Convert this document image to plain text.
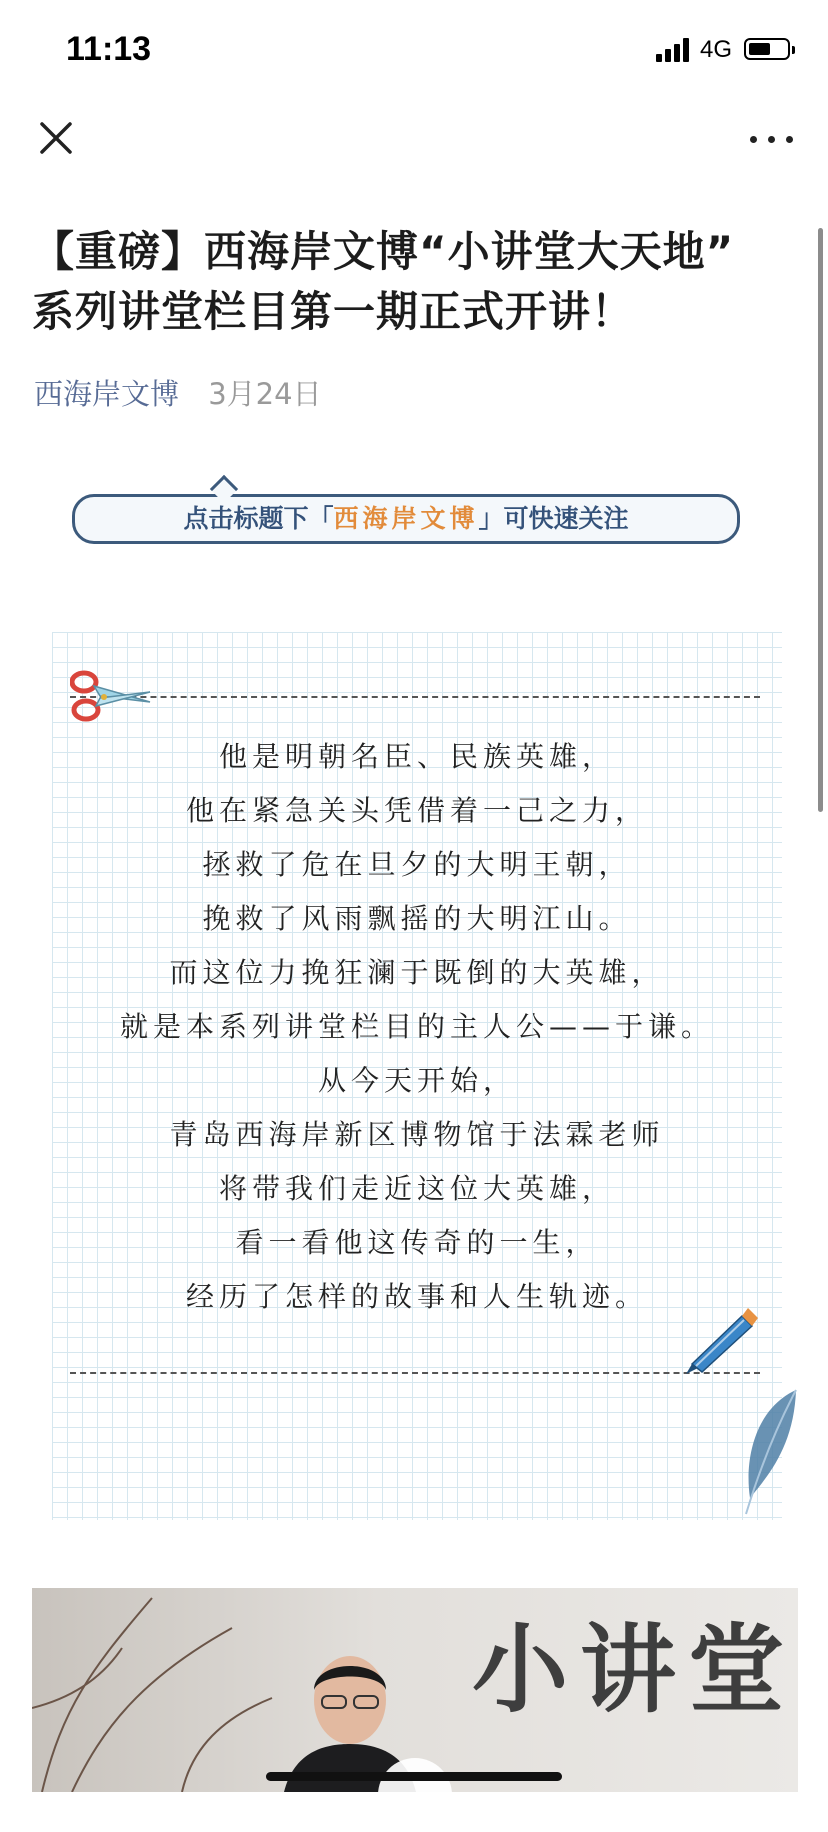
11:13	4G
【重磅】西海岸文博“小讲堂大天地”
系列讲堂栏目第一期正式开讲！
西海岸文博 3月24日
点击标题下「西海岸文博」可快速关注
他是明朝名臣、民族英雄，
他在紧急关头凭借着一己之力，
拯救了危在旦夕的大明王朝，
挽救了风雨飘摇的大明江山。
而这位力挽狂澜于既倒的大英雄，
就是本系列讲堂栏目的主人公——于谦。
从今天开始，
青岛西海岸新区博物馆于法霖老师
将带我们走近这位大英雄，
看一看他这传奇的一生，
经历了怎样的故事和人生轨迹。
小讲堂
